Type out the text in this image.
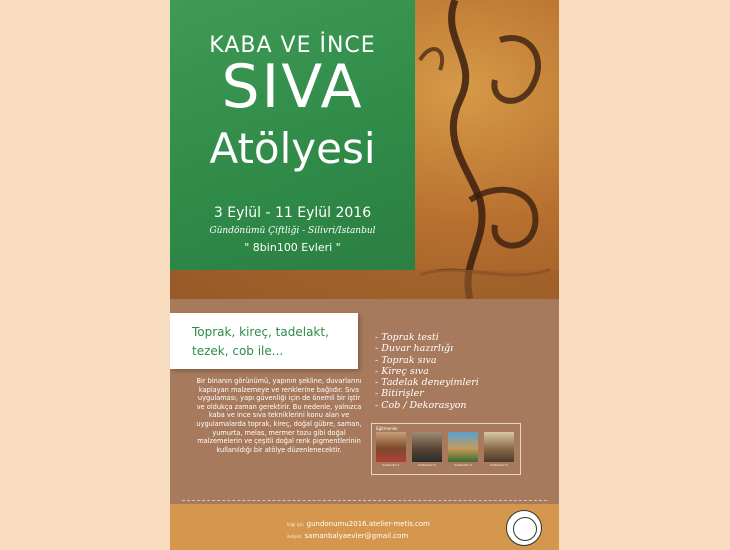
KABA VE İNCE
SIVA
Atölyesi
3 Eylül - 11 Eylül 2016
Gündönümü Çiftliği - Silivri/Istanbul
" 8bin100 Evleri "
Toprak, kireç, tadelakt, tezek, cob ile...
Bir binanın görünümü, yapının şekline, duvarlarını kaplayan malzemeye ve renklerine bağlıdır. Sıva uygulaması, yapı güvenliği için de önemli bir iştir ve oldukça zaman gerektirir. Bu nedenle, yalnızca kaba ve ince sıva tekniklerini konu alan ve uygulamalarda toprak, kireç, doğal gübre, saman, yumurta, melas, mermer tozu gibi doğal malzemelerin ve çeşitli doğal renk pigmentlerinin kullanıldığı bir atölye düzenlenecektir.
- Toprak testi
- Duvar hazırlığı
- Toprak sıva
- Kireç sıva
- Tadelak deneyimleri
- Bitirişler
- Cob / Dekorasyon
Eğitmenler
Instructor 1	Instructor 2	Instructor 3	Instructor 4
bilgi için gundonumu2016.atelier-metis.com
iletişim samanbalyaevler@gmail.com
